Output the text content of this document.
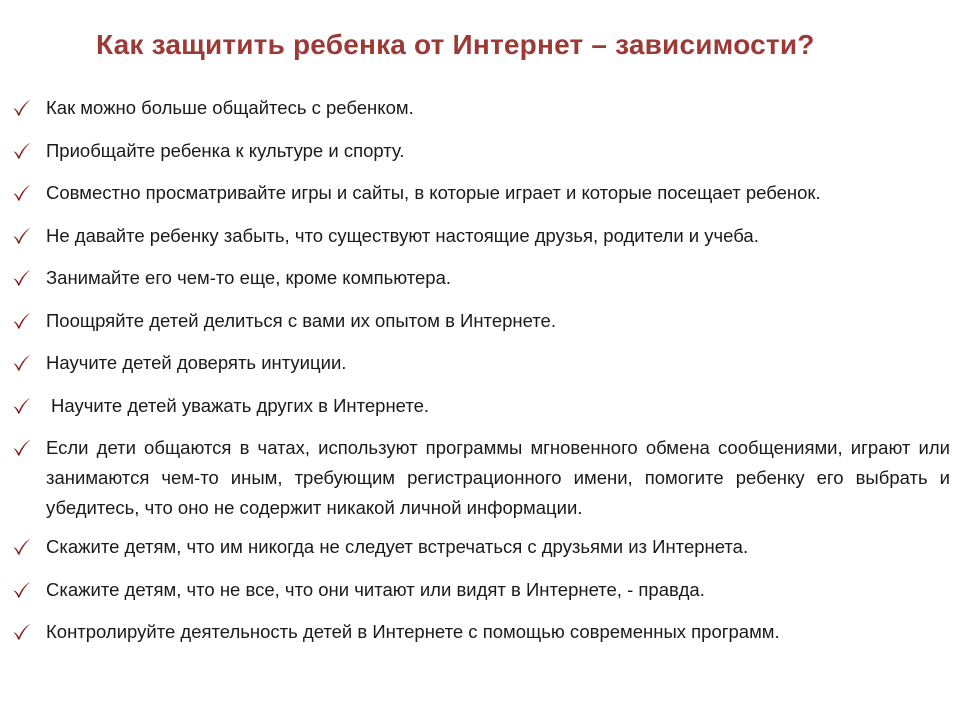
Как защитить ребенка от Интернет – зависимости?
Как можно больше общайтесь с ребенком.
Приобщайте ребенка к культуре и спорту.
Совместно просматривайте игры и сайты, в которые играет и которые посещает ребенок.
Не давайте ребенку забыть, что существуют настоящие друзья, родители и учеба.
Занимайте его чем-то еще, кроме компьютера.
Поощряйте детей делиться с вами их опытом в Интернете.
Научите детей доверять интуиции.
Научите детей уважать других в Интернете.
Если дети общаются в чатах, используют программы мгновенного обмена сообщениями, играют или занимаются чем-то иным, требующим регистрационного имени, помогите ребенку его выбрать и убедитесь, что оно не содержит никакой личной информации.
Скажите детям, что им никогда не следует встречаться с друзьями из Интернета.
Скажите детям, что не все, что они читают или видят в Интернете, - правда.
Контролируйте деятельность детей в Интернете с помощью современных программ.
